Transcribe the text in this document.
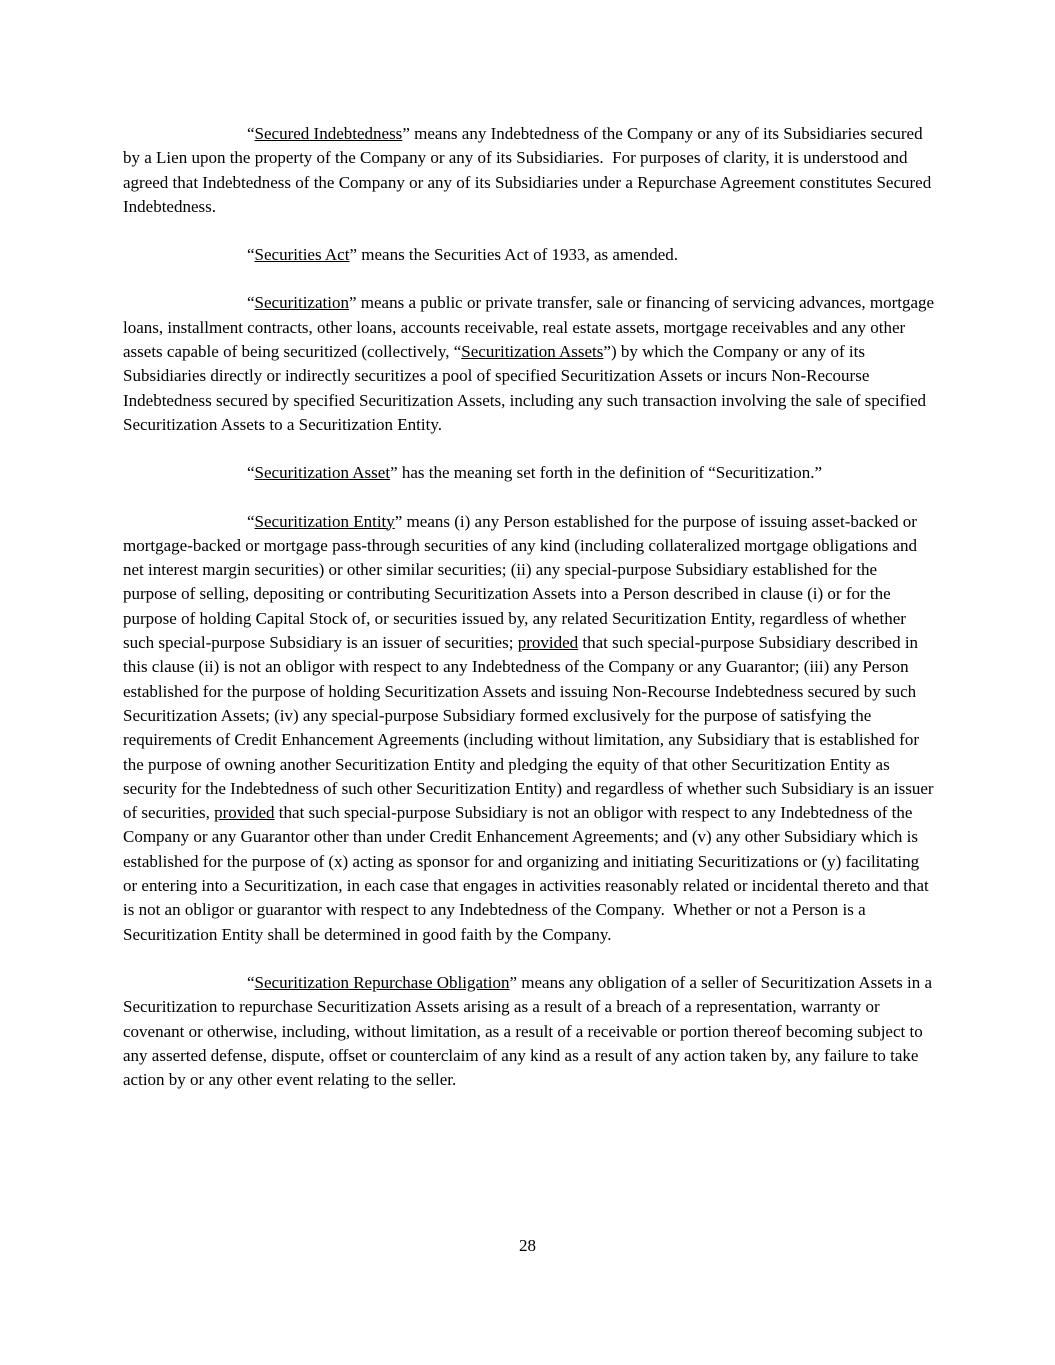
“Secured Indebtedness” means any Indebtedness of the Company or any of its Subsidiaries secured by a Lien upon the property of the Company or any of its Subsidiaries.  For purposes of clarity, it is understood and agreed that Indebtedness of the Company or any of its Subsidiaries under a Repurchase Agreement constitutes Secured Indebtedness.

“Securities Act” means the Securities Act of 1933, as amended.

“Securitization” means a public or private transfer, sale or financing of servicing advances, mortgage loans, installment contracts, other loans, accounts receivable, real estate assets, mortgage receivables and any other assets capable of being securitized (collectively, “Securitization Assets”) by which the Company or any of its Subsidiaries directly or indirectly securitizes a pool of specified Securitization Assets or incurs Non-Recourse Indebtedness secured by specified Securitization Assets, including any such transaction involving the sale of specified Securitization Assets to a Securitization Entity.

“Securitization Asset” has the meaning set forth in the definition of “Securitization.”

“Securitization Entity” means (i) any Person established for the purpose of issuing asset-backed or mortgage-backed or mortgage pass-through securities of any kind (including collateralized mortgage obligations and net interest margin securities) or other similar securities; (ii) any special-purpose Subsidiary established for the purpose of selling, depositing or contributing Securitization Assets into a Person described in clause (i) or for the purpose of holding Capital Stock of, or securities issued by, any related Securitization Entity, regardless of whether such special-purpose Subsidiary is an issuer of securities; provided that such special-purpose Subsidiary described in this clause (ii) is not an obligor with respect to any Indebtedness of the Company or any Guarantor; (iii) any Person established for the purpose of holding Securitization Assets and issuing Non-Recourse Indebtedness secured by such Securitization Assets; (iv) any special-purpose Subsidiary formed exclusively for the purpose of satisfying the requirements of Credit Enhancement Agreements (including without limitation, any Subsidiary that is established for the purpose of owning another Securitization Entity and pledging the equity of that other Securitization Entity as security for the Indebtedness of such other Securitization Entity) and regardless of whether such Subsidiary is an issuer of securities, provided that such special-purpose Subsidiary is not an obligor with respect to any Indebtedness of the Company or any Guarantor other than under Credit Enhancement Agreements; and (v) any other Subsidiary which is established for the purpose of (x) acting as sponsor for and organizing and initiating Securitizations or (y) facilitating or entering into a Securitization, in each case that engages in activities reasonably related or incidental thereto and that is not an obligor or guarantor with respect to any Indebtedness of the Company.  Whether or not a Person is a Securitization Entity shall be determined in good faith by the Company.

“Securitization Repurchase Obligation” means any obligation of a seller of Securitization Assets in a Securitization to repurchase Securitization Assets arising as a result of a breach of a representation, warranty or covenant or otherwise, including, without limitation, as a result of a receivable or portion thereof becoming subject to any asserted defense, dispute, offset or counterclaim of any kind as a result of any action taken by, any failure to take action by or any other event relating to the seller.

28
